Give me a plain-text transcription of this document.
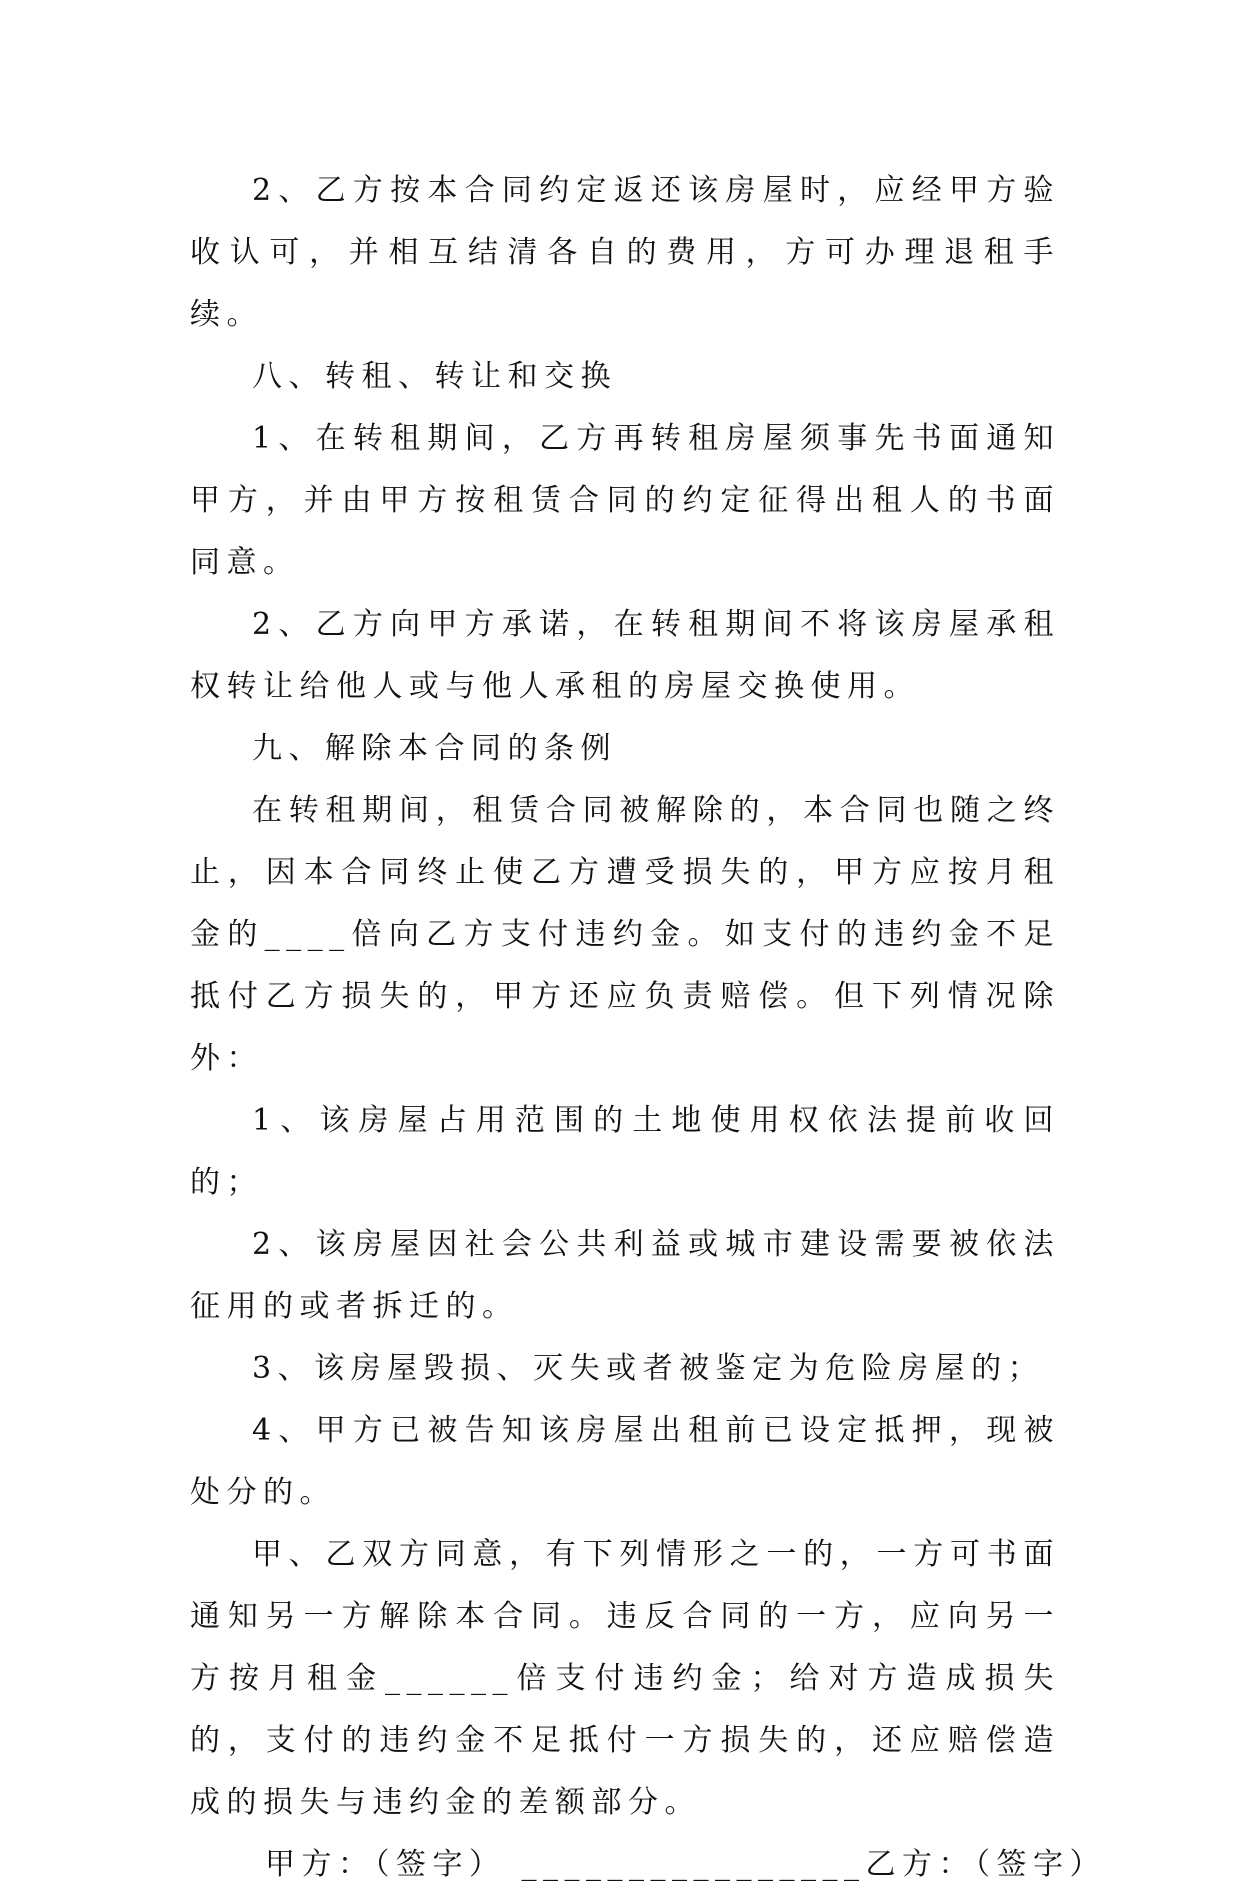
2、乙方按本合同约定返还该房屋时，应经甲方验收认可，并相互结清各自的费用，方可办理退租手续。

八、转租、转让和交换

1、在转租期间，乙方再转租房屋须事先书面通知甲方，并由甲方按租赁合同的约定征得出租人的书面同意。

2、乙方向甲方承诺，在转租期间不将该房屋承租权转让给他人或与他人承租的房屋交换使用。

九、解除本合同的条例

在转租期间，租赁合同被解除的，本合同也随之终止，因本合同终止使乙方遭受损失的，甲方应按月租金的____倍向乙方支付违约金。如支付的违约金不足抵付乙方损失的，甲方还应负责赔偿。但下列情况除外：

1、该房屋占用范围的土地使用权依法提前收回的；

2、该房屋因社会公共利益或城市建设需要被依法征用的或者拆迁的。

3、该房屋毁损、灭失或者被鉴定为危险房屋的；

4、甲方已被告知该房屋出租前已设定抵押，现被处分的。

甲、乙双方同意，有下列情形之一的，一方可书面通知另一方解除本合同。违反合同的一方，应向另一方按月租金______倍支付违约金；给对方造成损失的，支付的违约金不足抵付一方损失的，还应赔偿造成的损失与违约金的差额部分。

甲方：（签字） ________________乙方：（签字）
